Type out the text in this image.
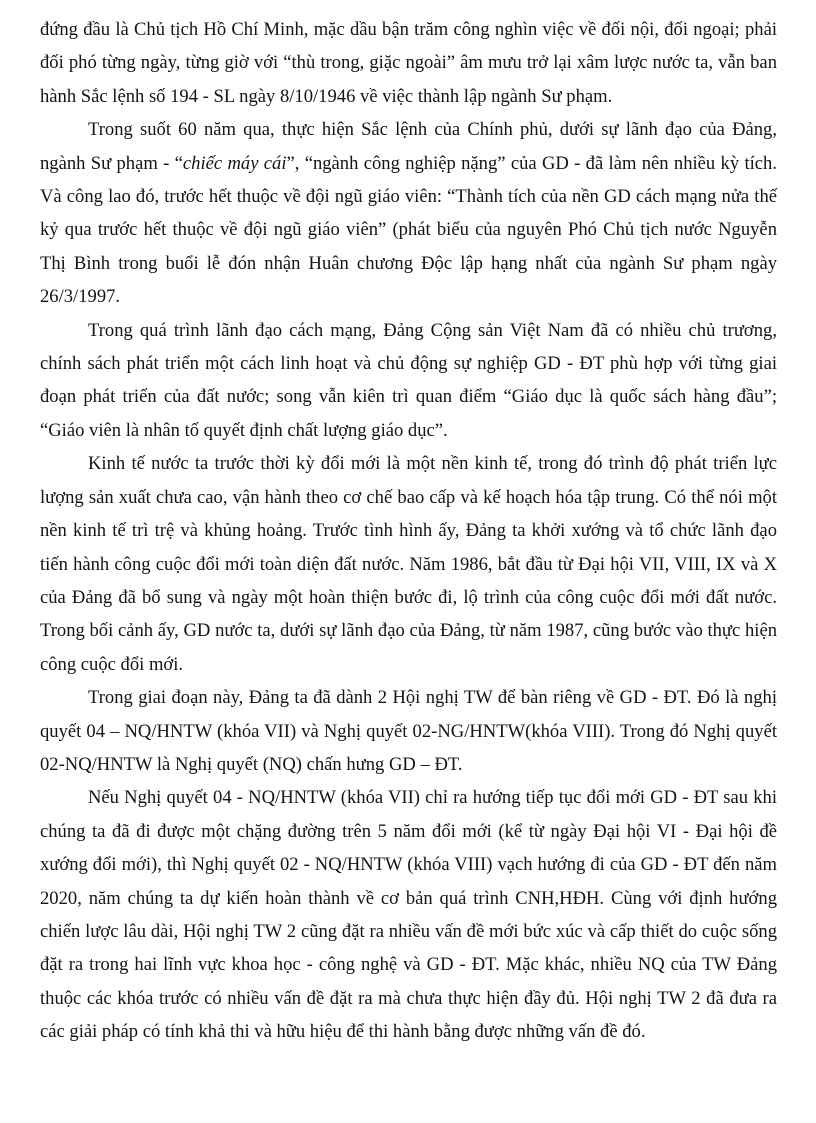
đứng đầu là Chủ tịch Hồ Chí Minh, mặc dầu bận trăm công nghìn việc về đối nội, đối ngoại; phải đối phó từng ngày, từng giờ với “thù trong, giặc ngoài” âm mưu trở lại xâm lược nước ta, vẫn ban hành Sắc lệnh số 194 - SL ngày 8/10/1946 về việc thành lập ngành Sư phạm.

Trong suốt 60 năm qua, thực hiện Sắc lệnh của Chính phủ, dưới sự lãnh đạo của Đảng, ngành Sư phạm - “chiếc máy cái”, “ngành công nghiệp nặng” của GD - đã làm nên nhiều kỳ tích. Và công lao đó, trước hết thuộc về đội ngũ giáo viên: “Thành tích của nền GD cách mạng nửa thế kỷ qua trước hết thuộc về đội ngũ giáo viên” (phát biểu của nguyên Phó Chủ tịch nước Nguyễn Thị Bình trong buổi lễ đón nhận Huân chương Độc lập hạng nhất của ngành Sư phạm ngày 26/3/1997.

Trong quá trình lãnh đạo cách mạng, Đảng Cộng sản Việt Nam đã có nhiều chủ trương, chính sách phát triển một cách linh hoạt và chủ động sự nghiệp GD - ĐT phù hợp với từng giai đoạn phát triển của đất nước; song vẫn kiên trì quan điểm “Giáo dục là quốc sách hàng đầu”; “Giáo viên là nhân tố quyết định chất lượng giáo dục”.

Kinh tế nước ta trước thời kỳ đổi mới là một nền kinh tế, trong đó trình độ phát triển lực lượng sản xuất chưa cao, vận hành theo cơ chế bao cấp và kế hoạch hóa tập trung. Có thể nói một nền kinh tế trì trệ và khủng hoảng. Trước tình hình ấy, Đảng ta khởi xướng và tổ chức lãnh đạo tiến hành công cuộc đổi mới toàn diện đất nước. Năm 1986, bắt đầu từ Đại hội VII, VIII, IX và X của Đảng đã bổ sung và ngày một hoàn thiện bước đi, lộ trình của công cuộc đổi mới đất nước. Trong bối cảnh ấy, GD nước ta, dưới sự lãnh đạo của Đảng, từ năm 1987, cũng bước vào thực hiện công cuộc đổi mới.

Trong giai đoạn này, Đảng ta đã dành 2 Hội nghị TW để bàn riêng về GD - ĐT. Đó là nghị quyết 04 – NQ/HNTW (khóa VII) và Nghị quyết 02-NG/HNTW(khóa VIII). Trong đó Nghị quyết 02-NQ/HNTW là Nghị quyết (NQ) chấn hưng GD – ĐT.

Nếu Nghị quyết 04 - NQ/HNTW (khóa VII) chỉ ra hướng tiếp tục đổi mới GD - ĐT sau khi chúng ta đã đi được một chặng đường trên 5 năm đổi mới (kể từ ngày Đại hội VI - Đại hội đề xướng đổi mới), thì Nghị quyết 02 - NQ/HNTW (khóa VIII) vạch hướng đi của GD - ĐT đến năm 2020, năm chúng ta dự kiến hoàn thành về cơ bản quá trình CNH,HĐH. Cùng với định hướng chiến lược lâu dài, Hội nghị TW 2 cũng đặt ra nhiều vấn đề mới bức xúc và cấp thiết do cuộc sống đặt ra trong hai lĩnh vực khoa học - công nghệ và GD - ĐT. Mặc khác, nhiều NQ của TW Đảng thuộc các khóa trước có nhiều vấn đề đặt ra mà chưa thực hiện đầy đủ. Hội nghị TW 2 đã đưa ra các giải pháp có tính khả thi và hữu hiệu để thi hành bằng được những vấn đề đó.
